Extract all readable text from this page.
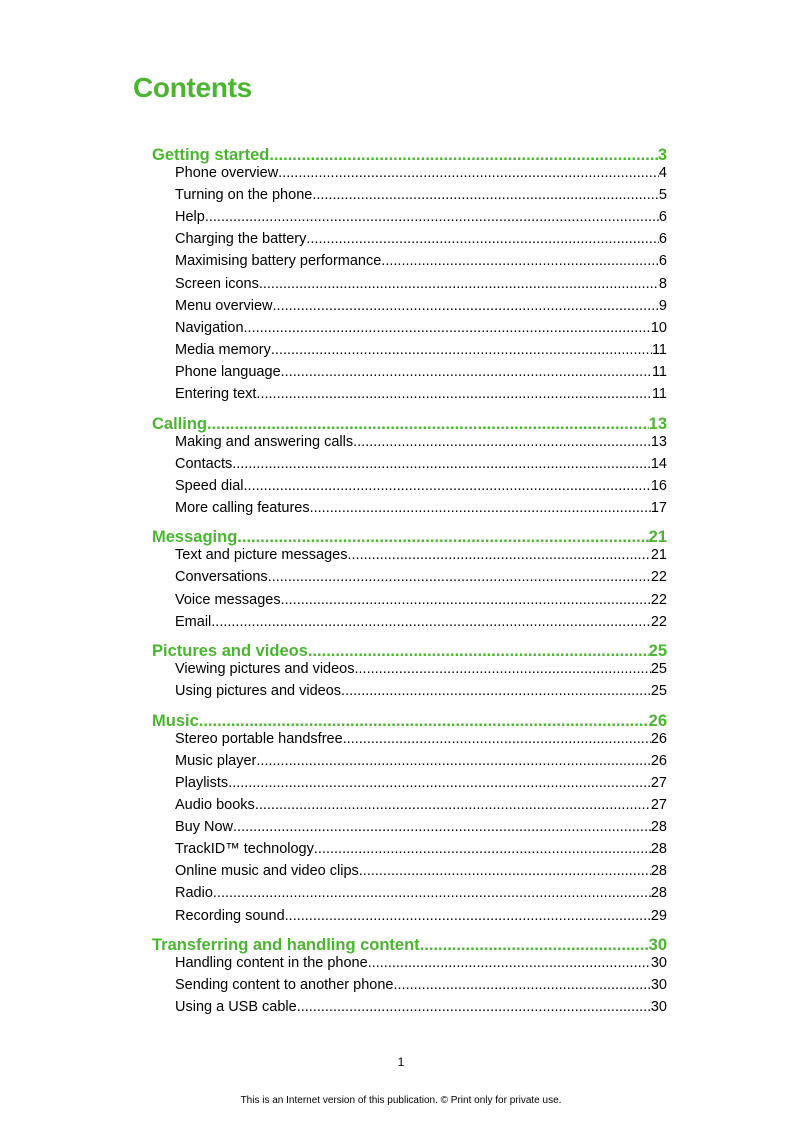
Contents
Getting started .....	3
Phone overview .....	4
Turning on the phone .....	5
Help .....	6
Charging the battery .....	6
Maximising battery performance .....	6
Screen icons .....	8
Menu overview .....	9
Navigation .....	10
Media memory .....	11
Phone language .....	11
Entering text .....	11
Calling .....	13
Making and answering calls .....	13
Contacts .....	14
Speed dial .....	16
More calling features .....	17
Messaging .....	21
Text and picture messages .....	21
Conversations .....	22
Voice messages .....	22
Email .....	22
Pictures and videos .....	25
Viewing pictures and videos .....	25
Using pictures and videos .....	25
Music .....	26
Stereo portable handsfree .....	26
Music player .....	26
Playlists .....	27
Audio books .....	27
Buy Now .....	28
TrackID™ technology .....	28
Online music and video clips .....	28
Radio .....	28
Recording sound .....	29
Transferring and handling content .....	30
Handling content in the phone .....	30
Sending content to another phone .....	30
Using a USB cable .....	30
1
This is an Internet version of this publication. © Print only for private use.
